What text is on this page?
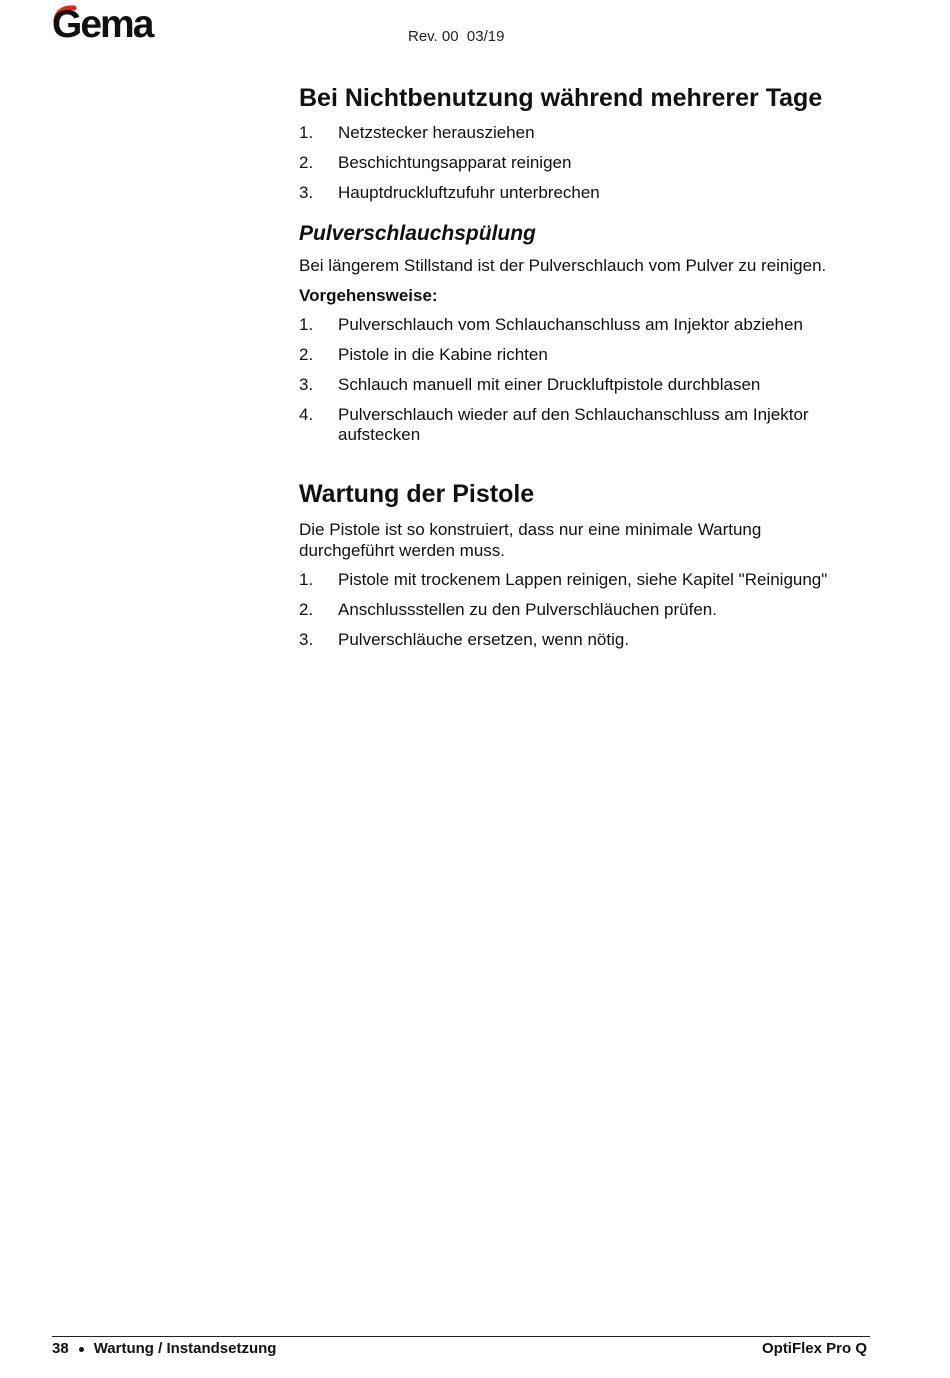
Gema	Rev. 00  03/19
Bei Nichtbenutzung während mehrerer Tage
1. Netzstecker herausziehen
2. Beschichtungsapparat reinigen
3. Hauptdruckluftzufuhr unterbrechen
Pulverschlauchspülung

Bei längerem Stillstand ist der Pulverschlauch vom Pulver zu reinigen.

Vorgehensweise:

1. Pulverschlauch vom Schlauchanschluss am Injektor abziehen
2. Pistole in die Kabine richten
3. Schlauch manuell mit einer Druckluftpistole durchblasen
4. Pulverschlauch wieder auf den Schlauchanschluss am Injektor aufstecken
Wartung der Pistole

Die Pistole ist so konstruiert, dass nur eine minimale Wartung durchgeführt werden muss.

1. Pistole mit trockenem Lappen reinigen, siehe Kapitel "Reinigung"
2. Anschlussstellen zu den Pulverschläuchen prüfen.
3. Pulverschläuche ersetzen, wenn nötig.
38 Wartung / Instandsetzung	OptiFlex Pro Q
